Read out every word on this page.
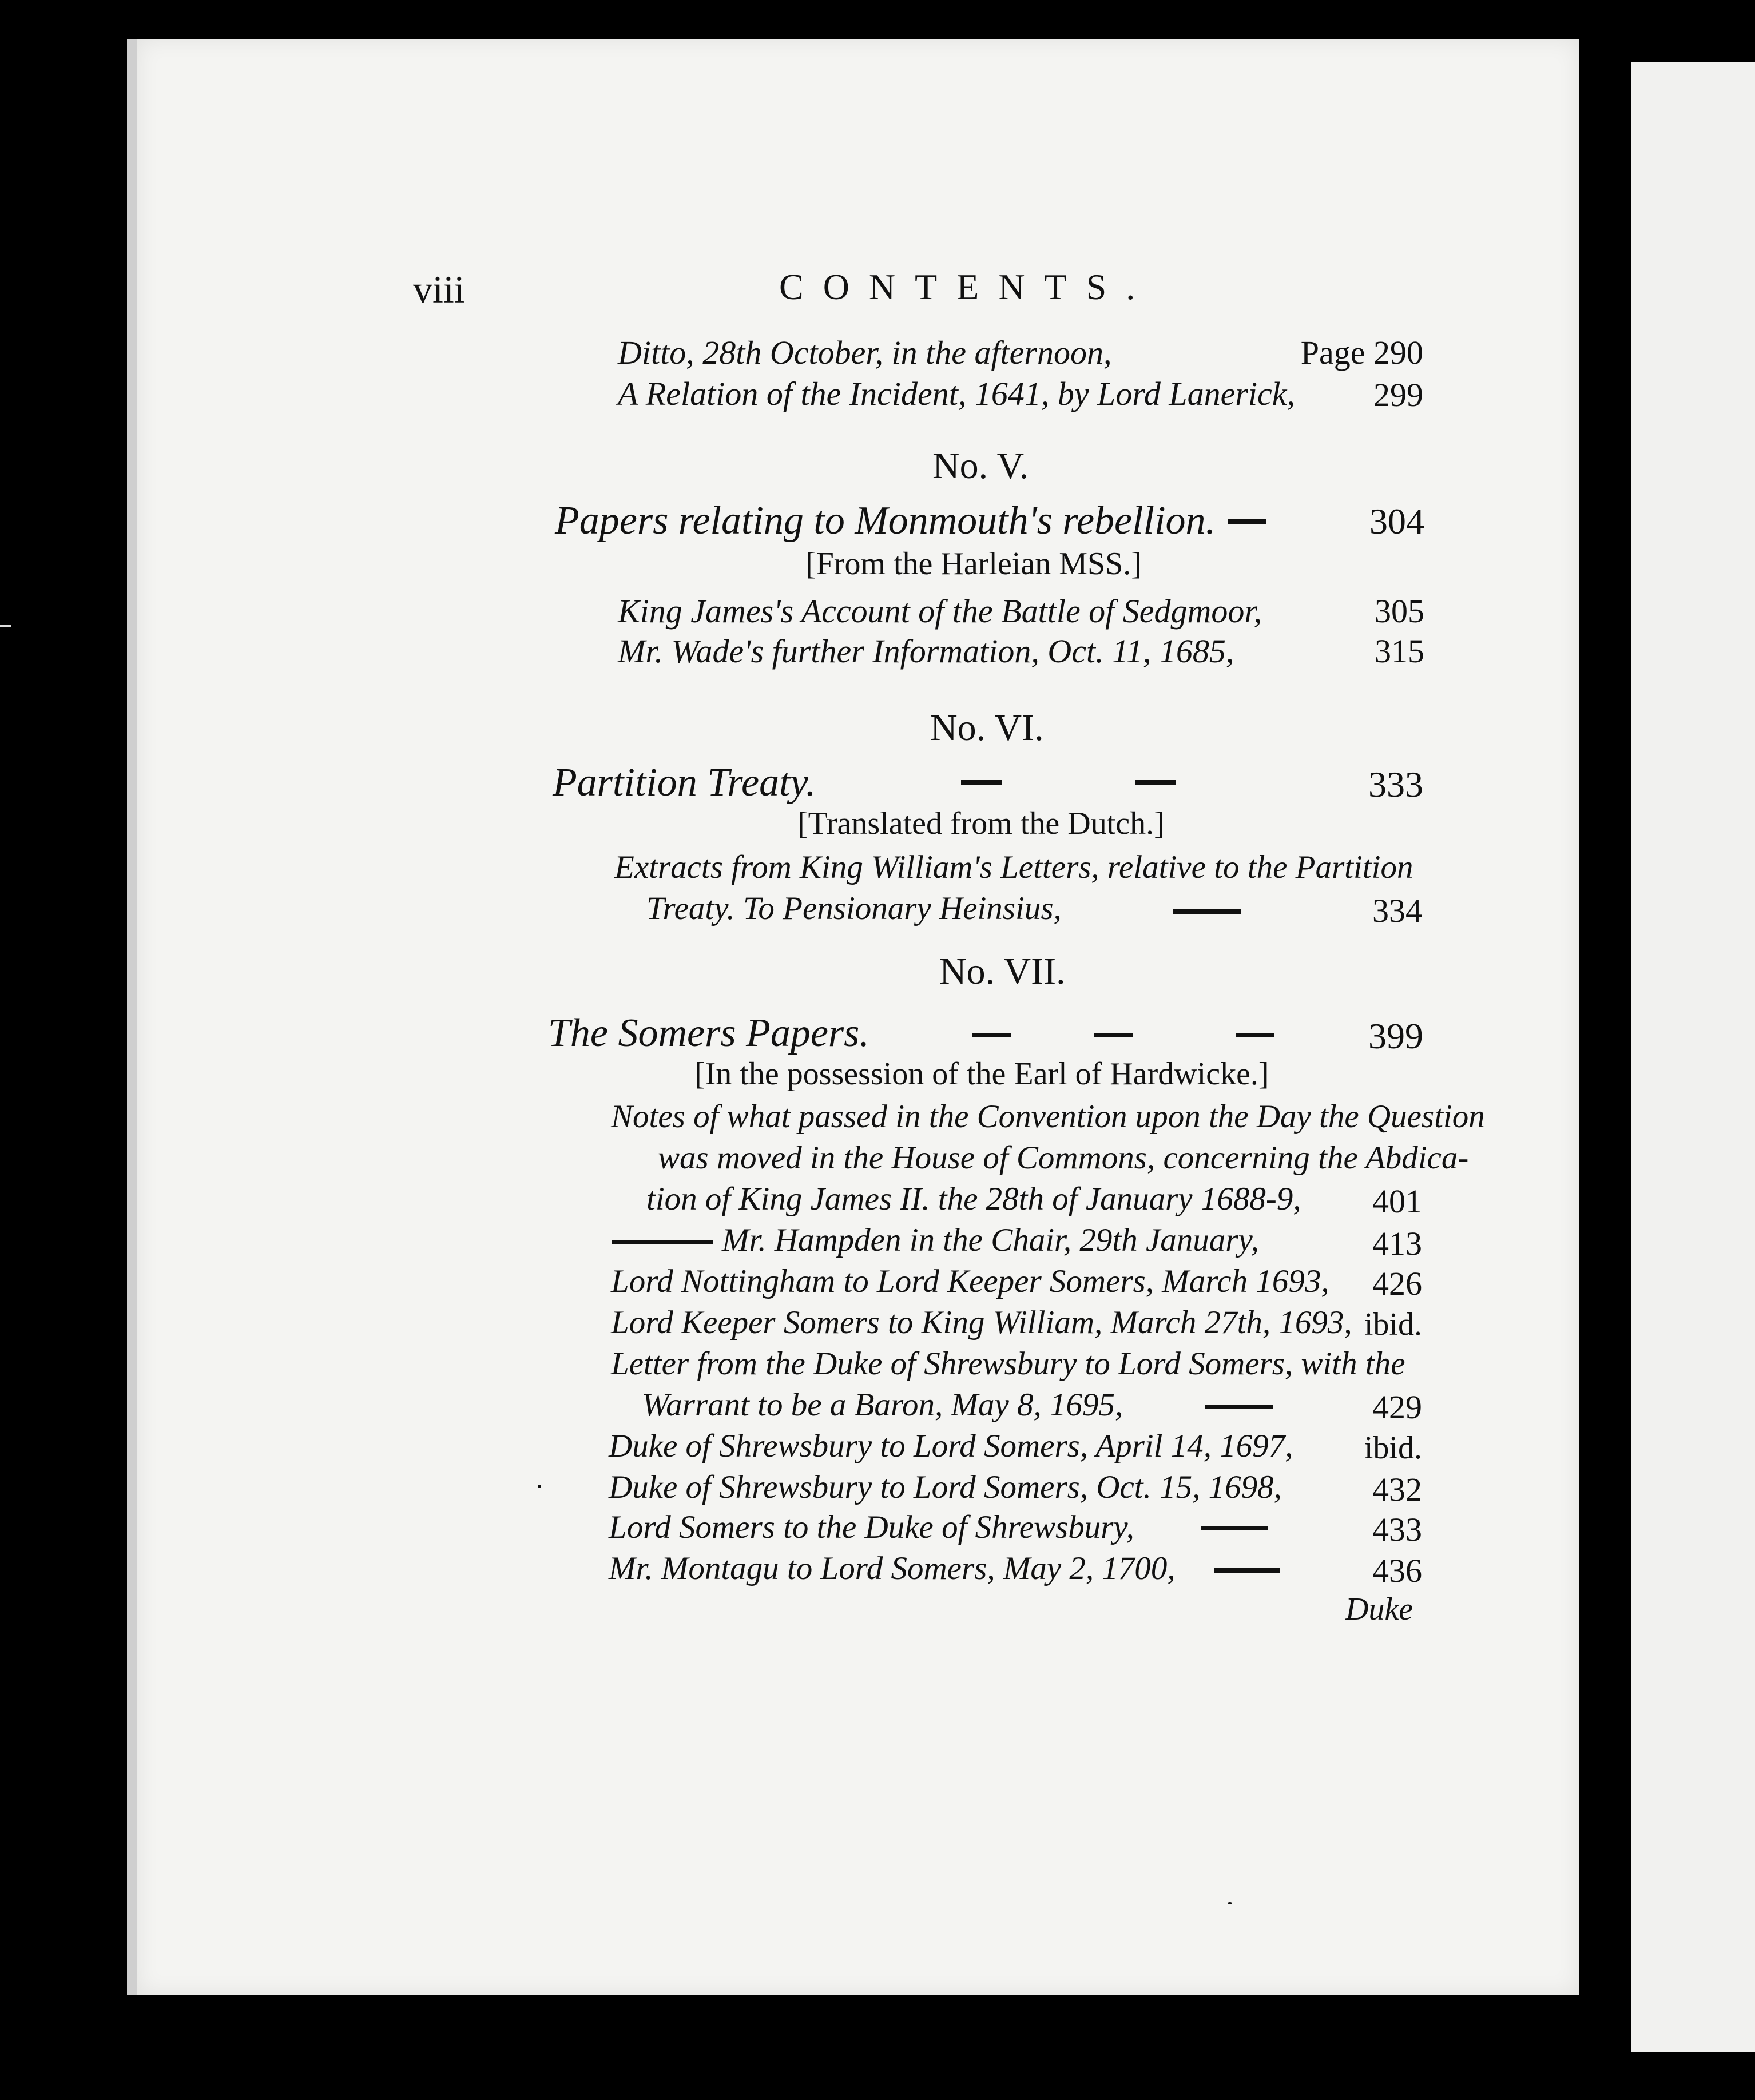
viii	CONTENTS.
Ditto, 28th October, in the afternoon,	Page 290
A Relation of the Incident, 1641, by Lord Lanerick, 299
No. V.
Papers relating to Monmouth's rebellion.	304
[From the Harleian MSS.]
King James's Account of the Battle of Sedgmoor,	305
Mr. Wade's further Information, Oct. 11, 1685,	315
No. VI.
Partition Treaty.	333
[Translated from the Dutch.]
Extracts from King William's Letters, relative to the Partition
Treaty. To Pensionary Heinsius,	334
No. VII.
The Somers Papers.	399
[In the possession of the Earl of Hardwicke.]
Notes of what passed in the Convention upon the Day the Question
was moved in the House of Commons, concerning the Abdica-
tion of King James II. the 28th of January 1688-9, 401
Mr. Hampden in the Chair, 29th January,	413
Lord Nottingham to Lord Keeper Somers, March 1693, 426
Lord Keeper Somers to King William, March 27th, 1693, ibid.
Letter from the Duke of Shrewsbury to Lord Somers, with the
Warrant to be a Baron, May 8, 1695,	429
Duke of Shrewsbury to Lord Somers, April 14, 1697, ibid.
Duke of Shrewsbury to Lord Somers, Oct. 15, 1698,	432
Lord Somers to the Duke of Shrewsbury,	433
Mr. Montagu to Lord Somers, May 2, 1700,	436
Duke
